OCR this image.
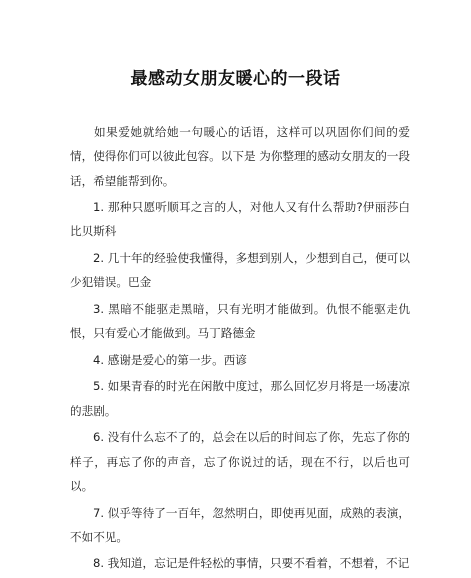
最感动女朋友暖心的一段话

如果爱她就给她一句暖心的话语，这样可以巩固你们间的爱情，使得你们可以彼此包容。以下是 为你整理的感动女朋友的一段话，希望能帮到你。

1. 那种只愿听顺耳之言的人，对他人又有什么帮助?伊丽莎白比贝斯科

2. 几十年的经验使我懂得，多想到别人，少想到自己，便可以少犯错误。巴金

3. 黑暗不能驱走黑暗，只有光明才能做到。仇恨不能驱走仇恨，只有爱心才能做到。马丁路德金

4. 感谢是爱心的第一步。西谚

5. 如果青春的时光在闲散中度过，那么回忆岁月将是一场凄凉的悲剧。

6. 没有什么忘不了的，总会在以后的时间忘了你，先忘了你的样子，再忘了你的声音，忘了你说过的话，现在不行，以后也可以。

7. 似乎等待了一百年，忽然明白，即使再见面，成熟的表演，不如不见。

8. 我知道，忘记是件轻松的事情，只要不看着，不想着，不记
